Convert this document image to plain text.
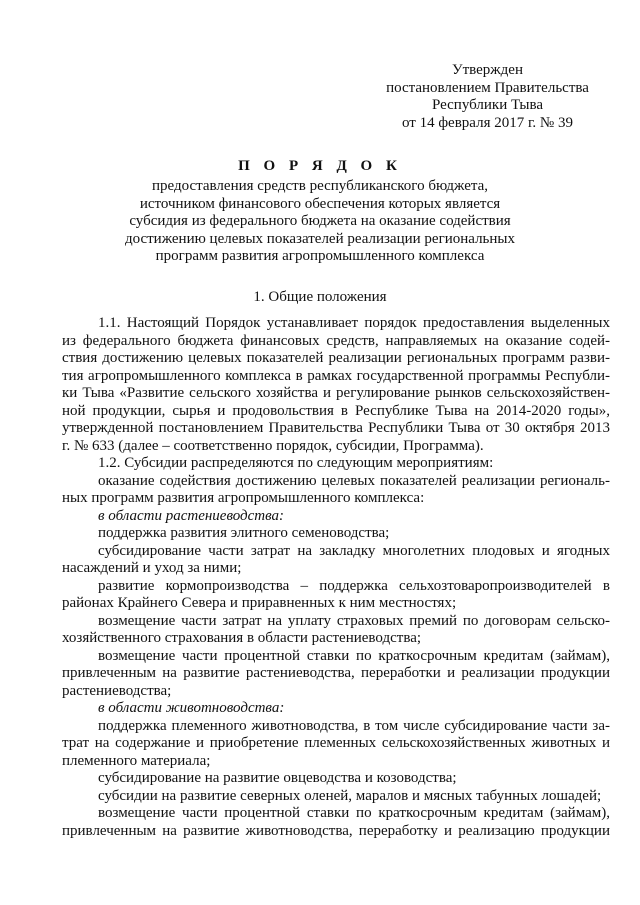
Утвержден
постановлением Правительства
Республики Тыва
от 14 февраля 2017 г. № 39
П О Р Я Д О К
предоставления средств республиканского бюджета,
источником финансового обеспечения которых является
субсидия из федерального бюджета на оказание содействия
достижению целевых показателей реализации региональных
программ развития агропромышленного комплекса
1. Общие положения
1.1. Настоящий Порядок устанавливает порядок предоставления выделенных
из федерального бюджета финансовых средств, направляемых на оказание содей-
ствия достижению целевых показателей реализации региональных программ разви-
тия агропромышленного комплекса в рамках государственной программы Республи-
ки Тыва «Развитие сельского хозяйства и регулирование рынков сельскохозяйствен-
ной продукции, сырья и продовольствия в Республике Тыва на 2014-2020 годы»,
утвержденной постановлением Правительства Республики Тыва от 30 октября 2013
г. № 633 (далее – соответственно порядок, субсидии, Программа).
1.2. Субсидии распределяются по следующим мероприятиям:
оказание содействия достижению целевых показателей реализации региональ-
ных программ развития агропромышленного комплекса:
в области растениеводства:
поддержка развития элитного семеноводства;
субсидирование части затрат на закладку многолетних плодовых и ягодных
насаждений и уход за ними;
развитие кормопроизводства – поддержка сельхозтоваропроизводителей в
районах Крайнего Севера и приравненных к ним местностях;
возмещение части затрат на уплату страховых премий по договорам сельско-
хозяйственного страхования в области растениеводства;
возмещение части процентной ставки по краткосрочным кредитам (займам),
привлеченным на развитие растениеводства, переработки и реализации продукции
растениеводства;
в области животноводства:
поддержка племенного животноводства, в том числе субсидирование части за-
трат на содержание и приобретение племенных сельскохозяйственных животных и
племенного материала;
субсидирование на развитие овцеводства и козоводства;
субсидии на развитие северных оленей, маралов и мясных табунных лошадей;
возмещение части процентной ставки по краткосрочным кредитам (займам),
привлеченным на развитие животноводства, переработку и реализацию продукции
